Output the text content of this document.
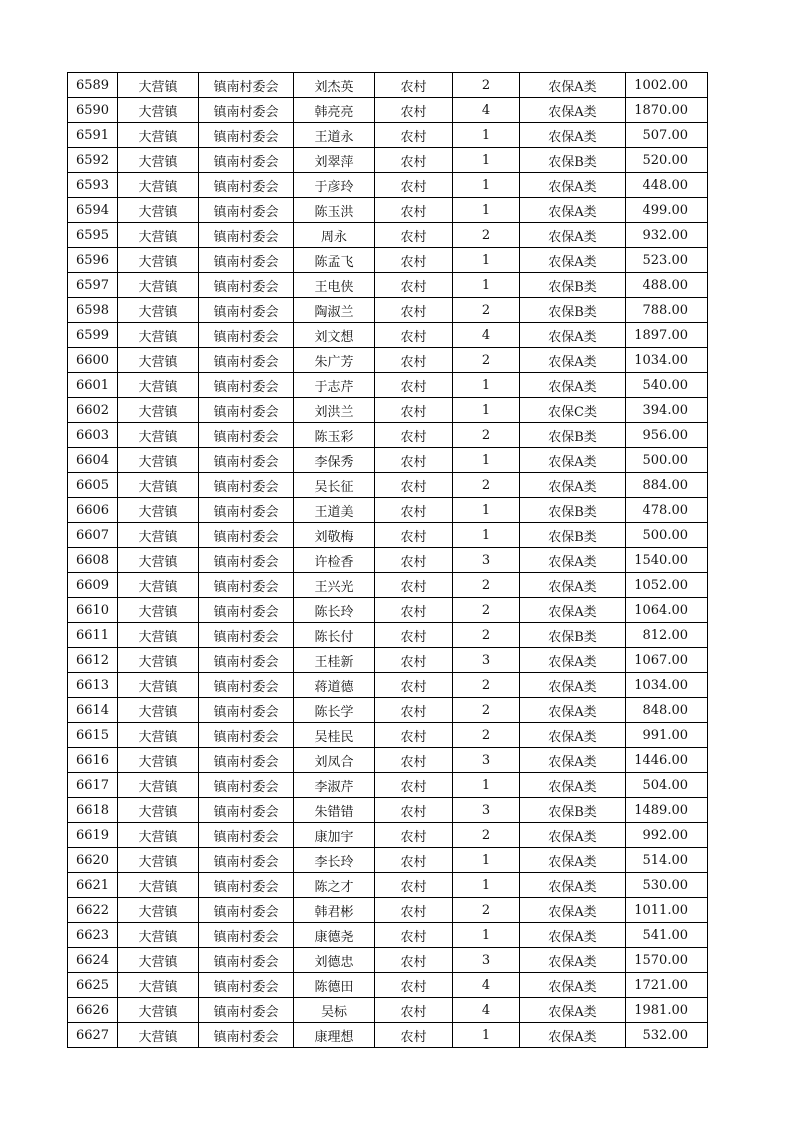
6589	大营镇	镇南村委会	刘杰英	农村	2	农保A类	1002.00
6590	大营镇	镇南村委会	韩亮亮	农村	4	农保A类	1870.00
6591	大营镇	镇南村委会	王道永	农村	1	农保A类	507.00
6592	大营镇	镇南村委会	刘翠萍	农村	1	农保B类	520.00
6593	大营镇	镇南村委会	于彦玲	农村	1	农保A类	448.00
6594	大营镇	镇南村委会	陈玉洪	农村	1	农保A类	499.00
6595	大营镇	镇南村委会	周永	农村	2	农保A类	932.00
6596	大营镇	镇南村委会	陈孟飞	农村	1	农保A类	523.00
6597	大营镇	镇南村委会	王电侠	农村	1	农保B类	488.00
6598	大营镇	镇南村委会	陶淑兰	农村	2	农保B类	788.00
6599	大营镇	镇南村委会	刘文想	农村	4	农保A类	1897.00
6600	大营镇	镇南村委会	朱广芳	农村	2	农保A类	1034.00
6601	大营镇	镇南村委会	于志芹	农村	1	农保A类	540.00
6602	大营镇	镇南村委会	刘洪兰	农村	1	农保C类	394.00
6603	大营镇	镇南村委会	陈玉彩	农村	2	农保B类	956.00
6604	大营镇	镇南村委会	李保秀	农村	1	农保A类	500.00
6605	大营镇	镇南村委会	吴长征	农村	2	农保A类	884.00
6606	大营镇	镇南村委会	王道美	农村	1	农保B类	478.00
6607	大营镇	镇南村委会	刘敬梅	农村	1	农保B类	500.00
6608	大营镇	镇南村委会	许检香	农村	3	农保A类	1540.00
6609	大营镇	镇南村委会	王兴光	农村	2	农保A类	1052.00
6610	大营镇	镇南村委会	陈长玲	农村	2	农保A类	1064.00
6611	大营镇	镇南村委会	陈长付	农村	2	农保B类	812.00
6612	大营镇	镇南村委会	王桂新	农村	3	农保A类	1067.00
6613	大营镇	镇南村委会	蒋道德	农村	2	农保A类	1034.00
6614	大营镇	镇南村委会	陈长学	农村	2	农保A类	848.00
6615	大营镇	镇南村委会	吴桂民	农村	2	农保A类	991.00
6616	大营镇	镇南村委会	刘凤合	农村	3	农保A类	1446.00
6617	大营镇	镇南村委会	李淑芹	农村	1	农保A类	504.00
6618	大营镇	镇南村委会	朱错错	农村	3	农保B类	1489.00
6619	大营镇	镇南村委会	康加宇	农村	2	农保A类	992.00
6620	大营镇	镇南村委会	李长玲	农村	1	农保A类	514.00
6621	大营镇	镇南村委会	陈之才	农村	1	农保A类	530.00
6622	大营镇	镇南村委会	韩君彬	农村	2	农保A类	1011.00
6623	大营镇	镇南村委会	康德尧	农村	1	农保A类	541.00
6624	大营镇	镇南村委会	刘德忠	农村	3	农保A类	1570.00
6625	大营镇	镇南村委会	陈德田	农村	4	农保A类	1721.00
6626	大营镇	镇南村委会	吴标	农村	4	农保A类	1981.00
6627	大营镇	镇南村委会	康理想	农村	1	农保A类	532.00
